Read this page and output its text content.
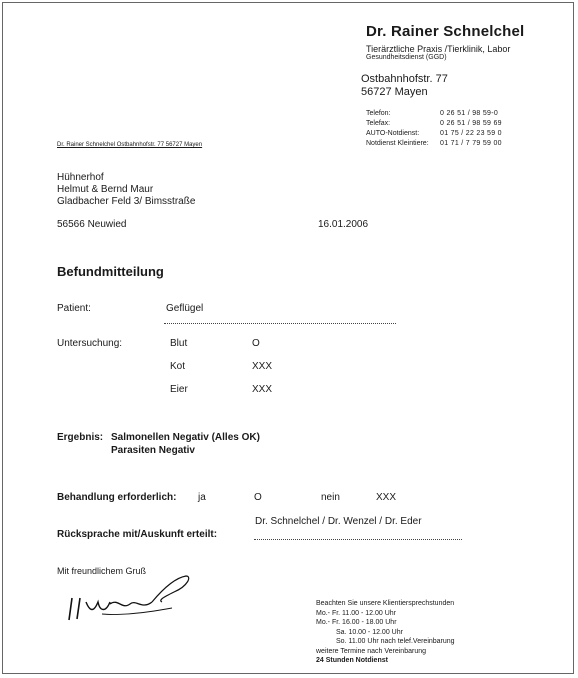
Dr. Rainer Schnelchel
Tierärztliche Praxis /Tierklinik, Labor
Gesundheitsdienst (GGD)
Ostbahnhofstr. 77
56727 Mayen
Telefon:	0 26 51 / 98 59-0
Telefax:	0 26 51 / 98 59 69
AUTO-Notdienst:	01 75 / 22 23 59 0
Notdienst Kleintiere:	01 71 / 7 79 59 00
Dr. Rainer Schnelchel Ostbahnhofstr. 77 56727 Mayen
Hühnerhof
Helmut & Bernd Maur
Gladbacher Feld 3/ Bimsstraße
56566 Neuwied	16.01.2006
Befundmitteilung
Patient:	Geflügel
Untersuchung:	Blut	O
Kot	XXX
Eier	XXX
Ergebnis: Salmonellen Negativ (Alles OK)
Parasiten Negativ
Behandlung erforderlich: ja	O	nein	XXX
Dr. Schnelchel / Dr. Wenzel / Dr. Eder
Rücksprache mit/Auskunft erteilt:
Mit freundlichem Gruß
Beachten Sie unsere Klientiersprechstunden
Mo.- Fr. 11.00 - 12.00 Uhr
Mo.- Fr. 16.00 - 18.00 Uhr
Sa. 10.00 - 12.00 Uhr
So. 11.00 Uhr nach telef.Vereinbarung
weitere Termine nach Vereinbarung
24 Stunden Notdienst
